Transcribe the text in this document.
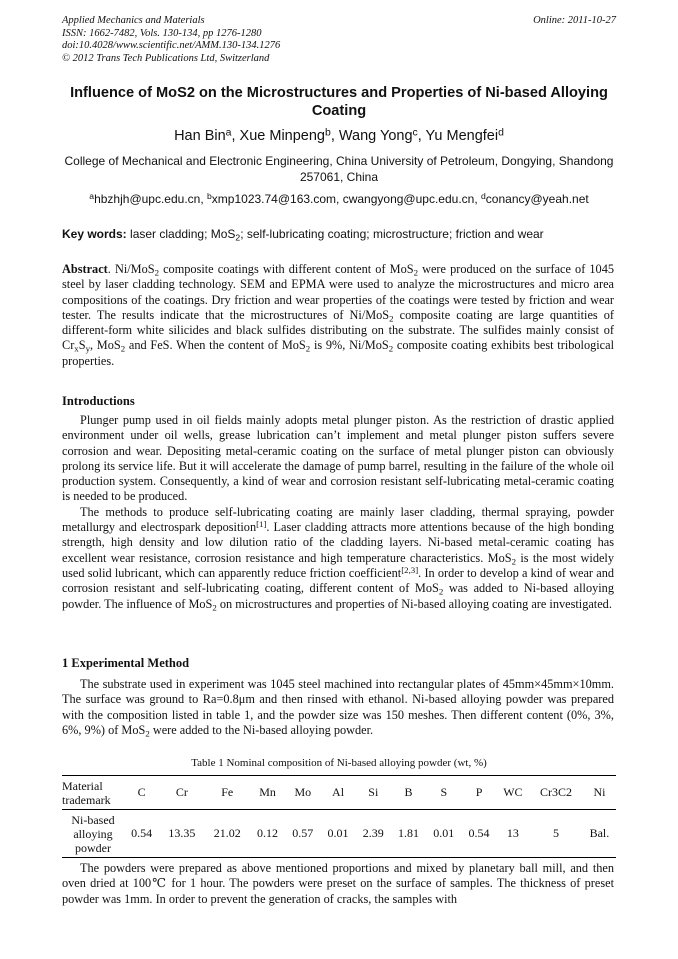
Applied Mechanics and Materials
ISSN: 1662-7482, Vols. 130-134, pp 1276-1280
doi:10.4028/www.scientific.net/AMM.130-134.1276
© 2012 Trans Tech Publications Ltd, Switzerland
Online: 2011-10-27
Influence of MoS2 on the Microstructures and Properties of Ni-based Alloying Coating
Han Bin$^a$, Xue Minpeng$^b$, Wang Yong$^c$, Yu Mengfei$^d$
College of Mechanical and Electronic Engineering, China University of Petroleum, Dongying, Shandong 257061, China
$^a$hbzhjh@upc.edu.cn, $^b$xmp1023.74@163.com, cwangyong@upc.edu.cn, $^d$conancy@yeah.net
Key words: laser cladding; MoS$_2$; self-lubricating coating; microstructure; friction and wear
Abstract. Ni/MoS$_2$ composite coatings with different content of MoS$_2$ were produced on the surface of 1045 steel by laser cladding technology. SEM and EPMA were used to analyze the microstructures and micro area compositions of the coatings. Dry friction and wear properties of the coatings were tested by friction and wear tester. The results indicate that the microstructures of Ni/MoS$_2$ composite coating are large quantities of different-form white silicides and black sulfides distributing on the substrate. The sulfides mainly consist of $Cr_xS_y$, MoS$_2$ and FeS. When the content of MoS$_2$ is 9%, Ni/MoS$_2$ composite coating exhibits best tribological properties.
Introductions
Plunger pump used in oil fields mainly adopts metal plunger piston. As the restriction of drastic applied environment under oil wells, grease lubrication can’t implement and metal plunger piston suffers severe corrosion and wear. Depositing metal-ceramic coating on the surface of metal plunger piston can obviously prolong its service life. But it will accelerate the damage of pump barrel, resulting in the failure of the whole oil production system. Consequently, a kind of wear and corrosion resistant self-lubricating metal-ceramic coating is needed to be produced.
The methods to produce self-lubricating coating are mainly laser cladding, thermal spraying, powder metallurgy and electrospark deposition[1]. Laser cladding attracts more attentions because of the high bonding strength, high density and low dilution ratio of the cladding layers. Ni-based metal-ceramic coating has excellent wear resistance, corrosion resistance and high temperature characteristics. MoS$_2$ is the most widely used solid lubricant, which can apparently reduce friction coefficient[2,3]. In order to develop a kind of wear and corrosion resistant and self-lubricating coating, different content of MoS$_2$ was added to Ni-based alloying powder. The influence of MoS$_2$ on microstructures and properties of Ni-based alloying coating are investigated.
1 Experimental Method
The substrate used in experiment was 1045 steel machined into rectangular plates of 45mm×45mm×10mm. The surface was ground to Ra=0.8μm and then rinsed with ethanol. Ni-based alloying powder was prepared with the composition listed in table 1, and the powder size was 150 meshes. Then different content (0%, 3%, 6%, 9%) of MoS$_2$ were added to the Ni-based alloying powder.
Table 1 Nominal composition of Ni-based alloying powder (wt, %)
Material trademark	C	Cr	Fe	Mn	Mo	Al	Si	B	S	P	WC	Cr3C2	Ni
Ni-based alloying powder	0.54	13.35	21.02	0.12	0.57	0.01	2.39	1.81	0.01	0.54	13	5	Bal.
The powders were prepared as above mentioned proportions and mixed by planetary ball mill, and then oven dried at 100℃ for 1 hour. The powders were preset on the surface of samples. The thickness of preset powder was 1mm. In order to prevent the generation of cracks, the samples with
